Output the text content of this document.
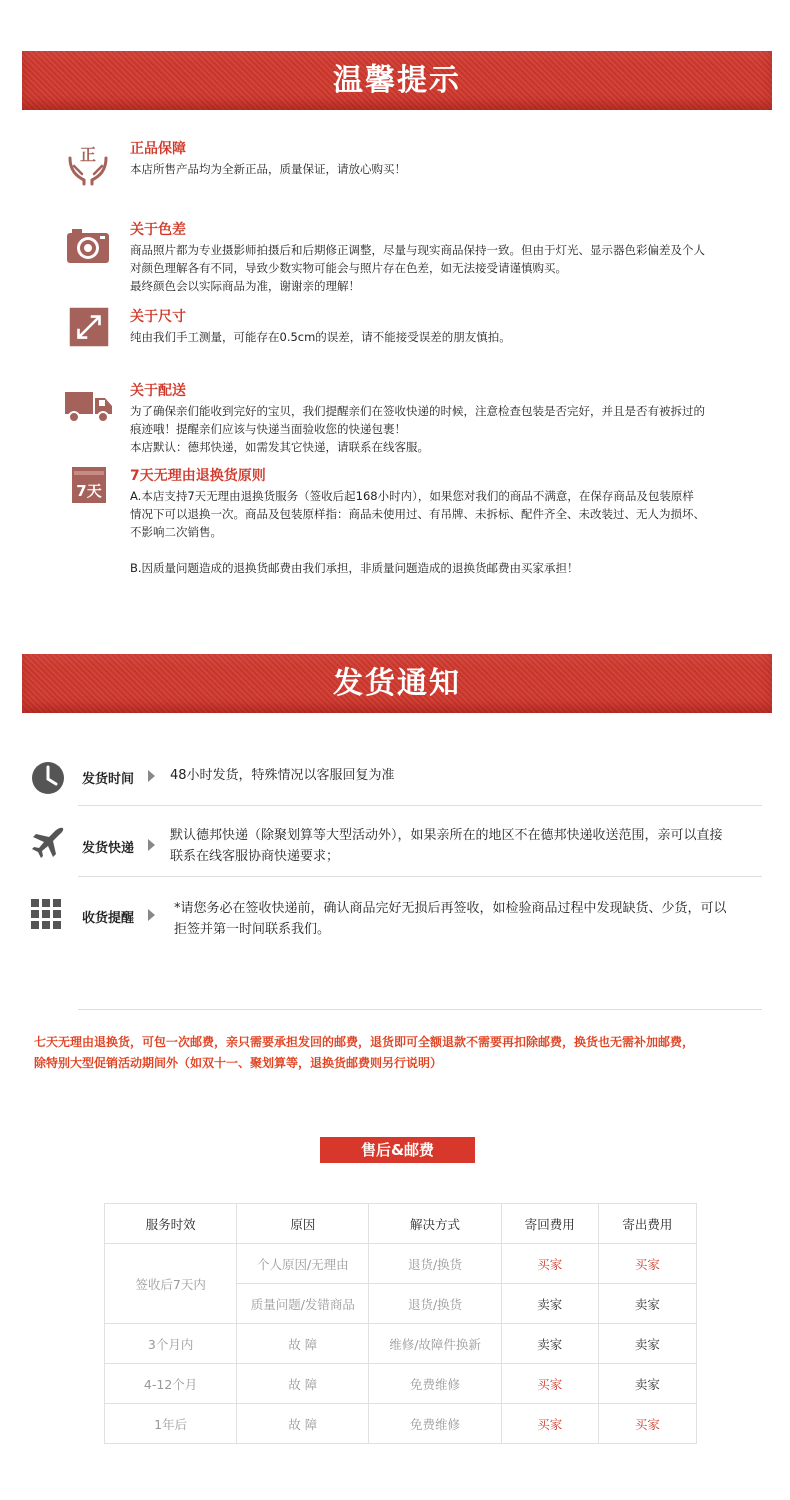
温馨提示
正 正品保障

本店所售产品均为全新正品，质量保证，请放心购买！

关于色差

商品照片都为专业摄影师拍摄后和后期修正调整，尽量与现实商品保持一致。但由于灯光、显示器色彩偏差及个人

对颜色理解各有不同，导致少数实物可能会与照片存在色差，如无法接受请谨慎购买。

最终颜色会以实际商品为准，谢谢亲的理解！

关于尺寸

纯由我们手工测量，可能存在0.5cm的误差，请不能接受误差的朋友慎拍。

关于配送

为了确保亲们能收到完好的宝贝，我们提醒亲们在签收快递的时候，注意检查包装是否完好，并且是否有被拆过的

痕迹哦！提醒亲们应该与快递当面验收您的快递包裹！

本店默认：德邦快递，如需发其它快递，请联系在线客服。

7天
7天无理由退换货原则

A.本店支持7天无理由退换货服务（签收后起168小时内），如果您对我们的商品不满意，在保存商品及包装原样

情况下可以退换一次。商品及包装原样指：商品未使用过、有吊牌、未拆标、配件齐全、未改装过、无人为损坏、

不影响二次销售。

B.因质量问题造成的退换货邮费由我们承担，非质量问题造成的退换货邮费由买家承担！

发货通知
发货时间	48小时发货，特殊情况以客服回复为准
发货快递
默认德邦快递（除聚划算等大型活动外），如果亲所在的地区不在德邦快递收送范围，亲可以直接
联系在线客服协商快递要求；
收货提醒
*请您务必在签收快递前，确认商品完好无损后再签收，如检验商品过程中发现缺货、少货，可以
拒签并第一时间联系我们。
七天无理由退换货，可包一次邮费，亲只需要承担发回的邮费，退货即可全额退款不需要再扣除邮费，换货也无需补加邮费，
除特别大型促销活动期间外（如双十一、聚划算等，退换货邮费则另行说明）
售后&邮费
服务时效	原因	解决方式	寄回费用	寄出费用
签收后7天内	个人原因/无理由	退货/换货	买家	买家
	质量问题/发错商品	退货/换货	卖家	卖家
3个月内	故 障	维修/故障件换新	卖家	卖家
4-12个月	故 障	免费维修	买家	卖家
1年后	故 障	免费维修	买家	买家
